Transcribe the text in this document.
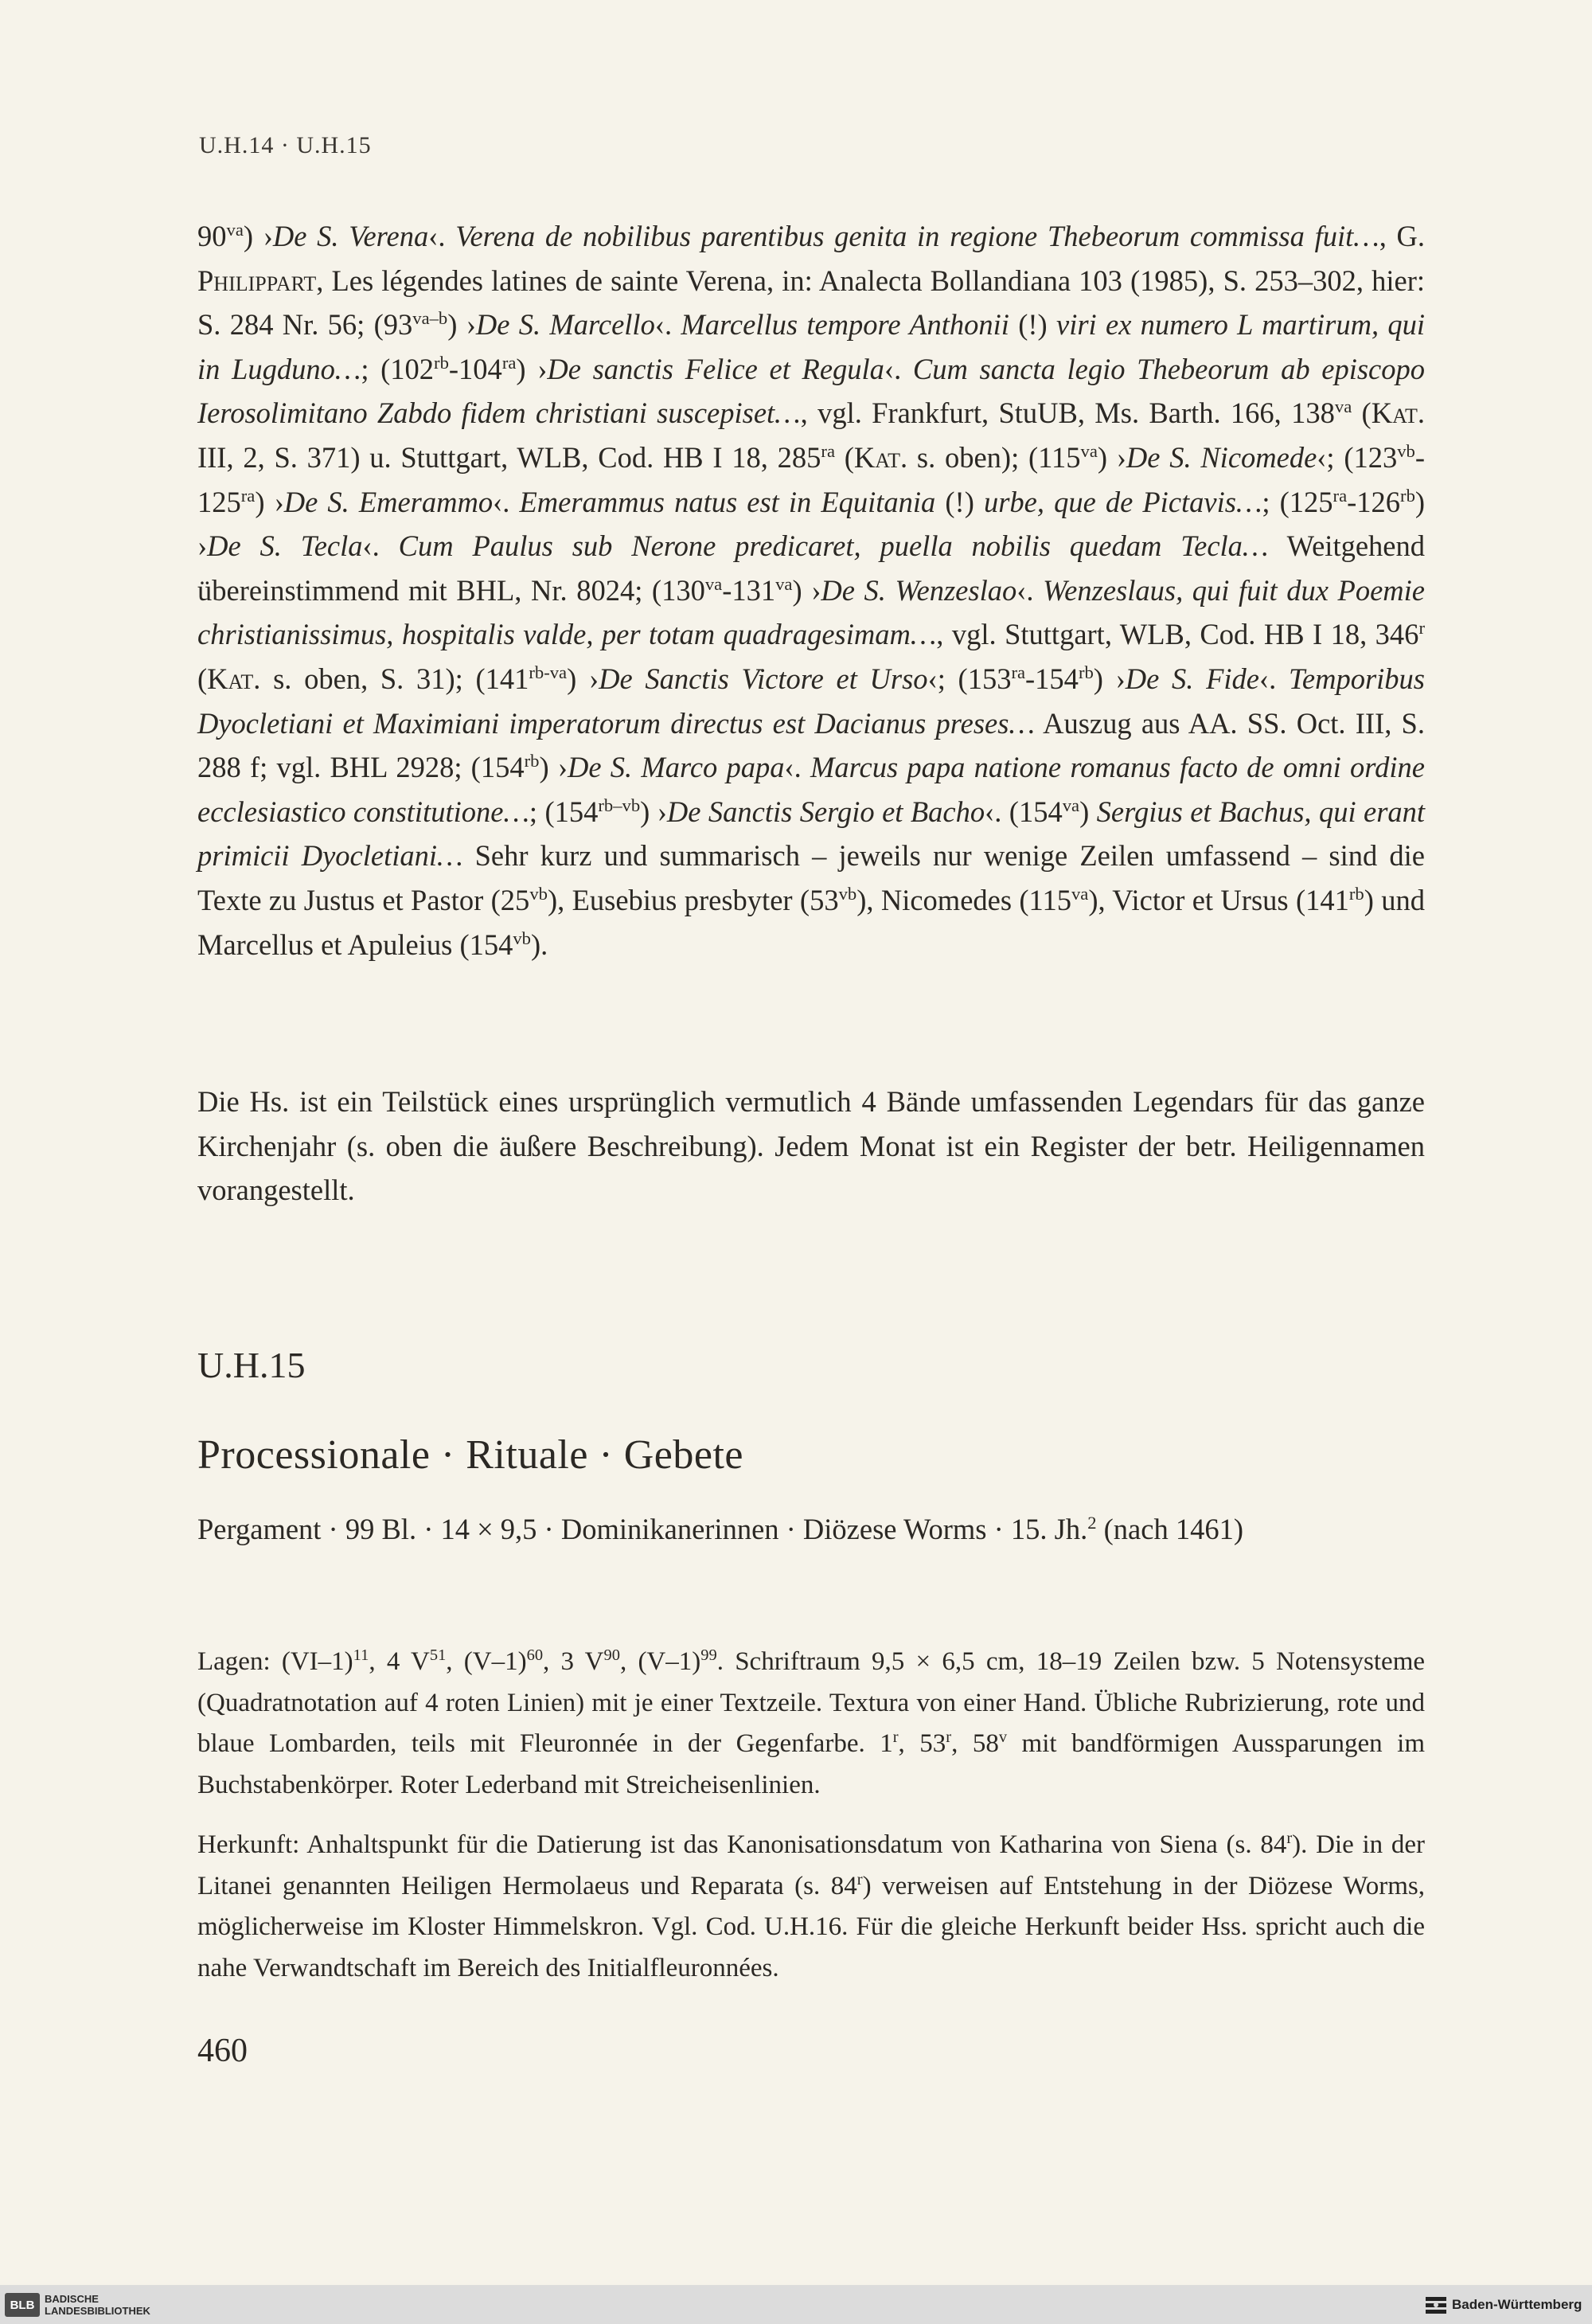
U.H.14 · U.H.15
$90^{va}$) ›De S. Verena‹. Verena de nobilibus parentibus genita in regione Thebeorum commissa fuit…, G. Philippart, Les légendes latines de sainte Verena, in: Analecta Bollandiana 103 (1985), S. 253–302, hier: S. 284 Nr. 56; $(93^{va-b})$ ›De S. Marcello‹. Marcellus tempore Anthonii (!) viri ex numero L martirum, qui in Lugduno…; $(102^{rb}-104^{ra})$ ›De sanctis Felice et Regula‹. Cum sancta legio Thebeorum ab episcopo Ierosolimitano Zabdo fidem christiani suscepiset…, vgl. Frankfurt, StuUB, Ms. Barth. 166, $138^{va}$ (Kat. III, 2, S. 371) u. Stuttgart, WLB, Cod. HB I 18, $285^{ra}$ (Kat. s. oben); $(115^{va})$ ›De S. Nicomede‹; $(123^{vb}-125^{ra})$ ›De S. Emerammo‹. Emerammus natus est in Equitania (!) urbe, que de Pictavis…; $(125^{ra}-126^{rb})$ ›De S. Tecla‹. Cum Paulus sub Nerone predicaret, puella nobilis quedam Tecla… Weitgehend übereinstimmend mit BHL, Nr. 8024; $(130^{va}-131^{va})$ ›De S. Wenzeslao‹. Wenzeslaus, qui fuit dux Poemie christianissimus, hospitalis valde, per totam quadragesimam…, vgl. Stuttgart, WLB, Cod. HB I 18, 346$^r$ (Kat. s. oben, S. 31); $(141^{rb-va})$ ›De Sanctis Victore et Urso‹; $(153^{ra}-154^{rb})$ ›De S. Fide‹. Temporibus Dyocletiani et Maximiani imperatorum directus est Dacianus preses… Auszug aus AA. SS. Oct. III, S. 288 f; vgl. BHL 2928; $(154^{rb})$ ›De S. Marco papa‹. Marcus papa natione romanus facto de omni ordine ecclesiastico constitutione…; $(154^{rb-vb})$ ›De Sanctis Sergio et Bacho‹. $(154^{va})$ Sergius et Bachus, qui erant primicii Dyocletiani… Sehr kurz und summarisch – jeweils nur wenige Zeilen umfassend – sind die Texte zu Justus et Pastor $(25^{vb})$, Eusebius presbyter $(53^{vb})$, Nicomedes $(115^{va})$, Victor et Ursus $(141^{rb})$ und Marcellus et Apuleius $(154^{vb})$.
Die Hs. ist ein Teilstück eines ursprünglich vermutlich 4 Bände umfassenden Legendars für das ganze Kirchenjahr (s. oben die äußere Beschreibung). Jedem Monat ist ein Register der betr. Heiligennamen vorangestellt.
U.H.15
Processionale · Rituale · Gebete
Pergament · 99 Bl. · 14 × 9,5 · Dominikanerinnen · Diözese Worms · 15. Jh.$^2$ (nach 1461)
Lagen: $(VI-1)^{11}$, 4 $V^{51}$, $(V-1)^{60}$, 3 $V^{90}$, $(V-1)^{99}$. Schriftraum 9,5 × 6,5 cm, 18–19 Zeilen bzw. 5 Notensysteme (Quadratnotation auf 4 roten Linien) mit je einer Textzeile. Textura von einer Hand. Übliche Rubrizierung, rote und blaue Lombarden, teils mit Fleuronnée in der Gegenfarbe. 1$^r$, 53$^r$, 58$^v$ mit bandförmigen Aussparungen im Buchstabenkörper. Roter Lederband mit Streicheisenlinien.
Herkunft: Anhaltspunkt für die Datierung ist das Kanonisationsdatum von Katharina von Siena (s. 84$^r$). Die in der Litanei genannten Heiligen Hermolaeus und Reparata (s. 84$^r$) verweisen auf Entstehung in der Diözese Worms, möglicherweise im Kloster Himmelskron. Vgl. Cod. U.H.16. Für die gleiche Herkunft beider Hss. spricht auch die nahe Verwandtschaft im Bereich des Initialfleuronnées.
460
BLB BADISCHE
LANDESBIBLIOTHEK	Baden-Württemberg
